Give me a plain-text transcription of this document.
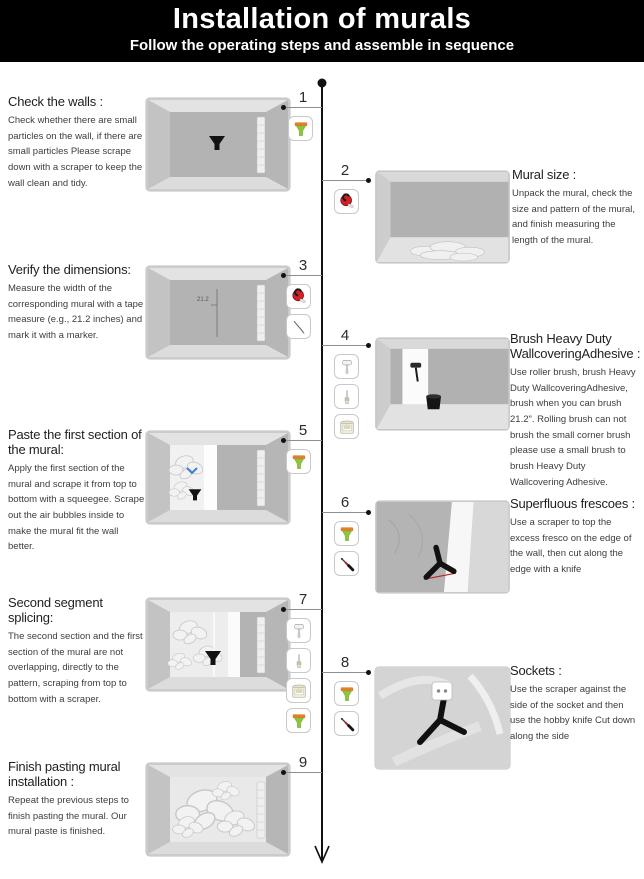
Installation of murals

Follow the operating steps and assemble in sequence

Check the walls :

Check whether there are small particles on the wall, if there are small particles Please scrape down with a scraper to keep the wall clean and tidy.

1
2	Mural size :

Unpack the mural, check the size and pattern of the mural, and finish measuring the length of the mural.

Verify the dimensions:

Measure the width of the corresponding mural with a tape measure (e.g., 21.2 inches) and mark it with a marker.

21.2
3
4	Brush Heavy Duty WallcoveringAdhesive :

Use roller brush, brush Heavy Duty WallcoveringAdhesive, brush when you can brush 21.2". Rolling brush can not brush the small corner brush please use a small brush to brush Heavy Duty Wallcovering Adhesive.

Paste the first section of the mural:

Apply the first section of the mural and scrape it from top to bottom with a squeegee. Scrape out the air bubbles inside to make the mural fit the wall better.

5
6	Superfluous frescoes :

Use a scraper to top the excess fresco on the edge of the wall, then cut along the edge with a knife

Second segment splicing:

The second section and the first section of the mural are not overlapping, directly to the pattern, scraping from top to bottom with a scraper.

7
8	Sockets :

Use the scraper against the side of the socket and then use the hobby knife Cut down along the side

Finish pasting mural installation :

Repeat the previous steps to finish pasting the mural. Our mural paste is finished.

9
